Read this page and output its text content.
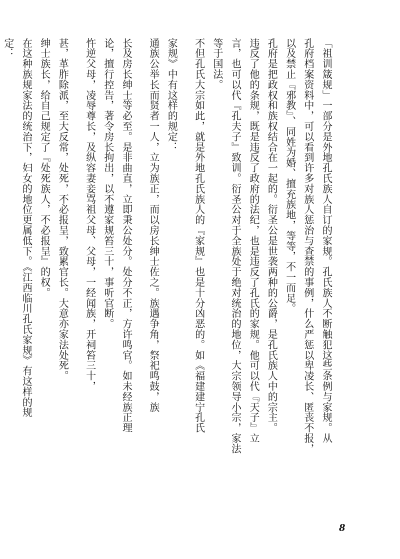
「祖训箴规」一部分是外地孔氏族人自订的家规。孔氏族人不断触犯这些条例与家规。从
孔府档案资料中，可以看到许多对族人惩治与查禁的事例，什么严惩以卑凌长、匿丧不报，
以及禁止『邪教』、同姓为婚、擅充族地，等等，不一而足。
孔府是把政权和族权结合在一起的。衍圣公是世袭两种的公爵，是孔氏族人中的宗主。
违反了他的条规，既是违反了政府的法纪，也是违反了孔氏的家规。他可以代『天子』立
言，也可以代『孔夫子』致训。衍圣公对于全族处于绝对统治的地位，大宗领导小宗，家法
等于国法。
不但孔氏大宗如此，就是外地孔氏族人的『家规』也是十分凶恶的。如《福建建宁孔氏
家规》中有这样的规定：
通族公举长而贤者一人，立为族正，而以房长绅士佐之。族遇争角，祭祀鸣鼓，族
长及房长绅士等必至。是非曲直，立即秉公处分。处分不正，方许鸣官。如未经族正理
论，擅行控告，著令房长拘出，以不遵家规笞三十，事听官断。
忤逆父母，凌辱尊长，及纵容妻妾骂祖父母、父母，一经闻族，开祠笞三十，
甚，革胙除派，至大反常，处死，不必报呈，致累官长。大意亦家法处死。
绅士族长，给自己规定了『处死族人，不必报呈』的权。
在这种族规家法的统治下，妇女的地位更属低下。《江西临川孔氏家规》有这样的规
定：
8
